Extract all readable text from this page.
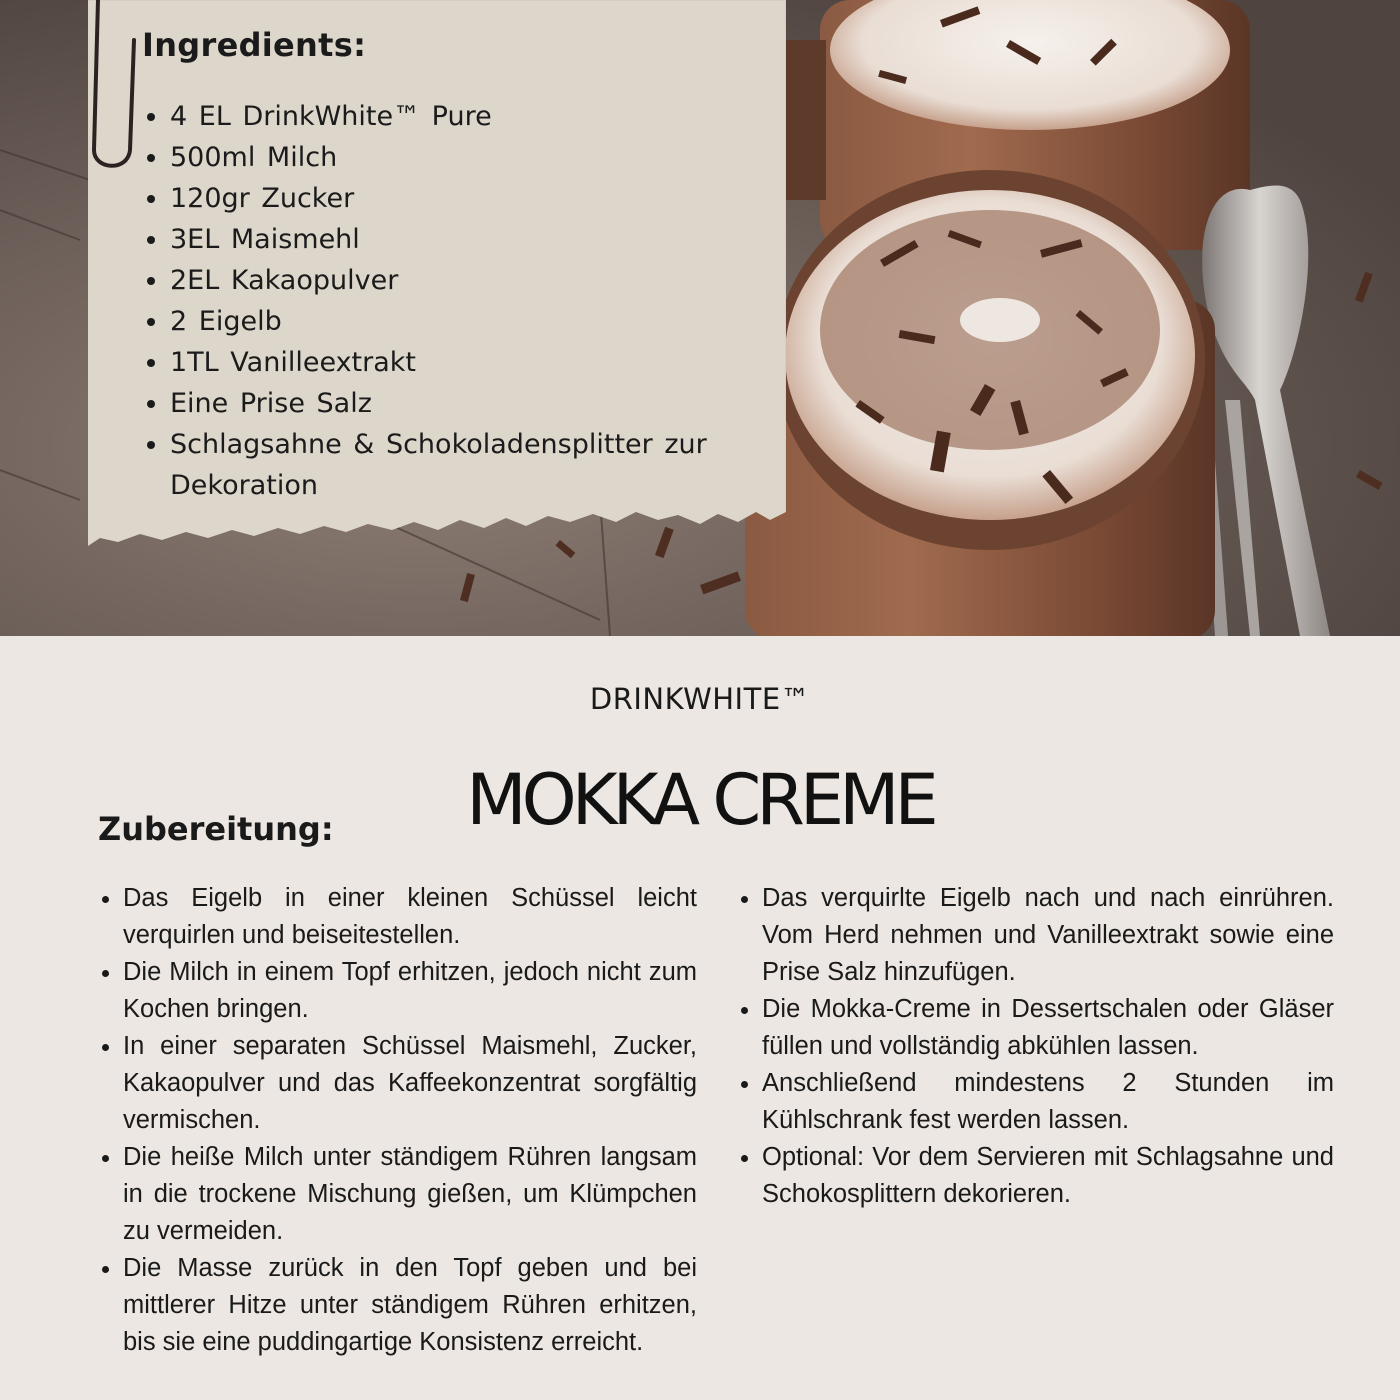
Ingredients:
• 4 EL DrinkWhite™ Pure
• 500ml Milch
• 120gr Zucker
• 3EL Maismehl
• 2EL Kakaopulver
• 2 Eigelb
• 1TL Vanilleextrakt
• Eine Prise Salz
• Schlagsahne & Schokoladensplitter zur Dekoration
DRINKWHITE™
MOKKA CREME
Zubereitung:
• Das Eigelb in einer kleinen Schüssel leicht verquirlen und beiseitestellen.
• Die Milch in einem Topf erhitzen, jedoch nicht zum Kochen bringen.
• In einer separaten Schüssel Maismehl, Zucker, Kakaopulver und das Kaffeekonzentrat sorgfältig vermischen.
• Die heiße Milch unter ständigem Rühren langsam in die trockene Mischung gießen, um Klümpchen zu vermeiden.
• Die Masse zurück in den Topf geben und bei mittlerer Hitze unter ständigem Rühren erhitzen, bis sie eine puddingartige Konsistenz erreicht.
• Das verquirlte Eigelb nach und nach einrühren. Vom Herd nehmen und Vanilleextrakt sowie eine Prise Salz hinzufügen.
• Die Mokka-Creme in Dessertschalen oder Gläser füllen und vollständig abkühlen lassen.
• Anschließend mindestens 2 Stunden im Kühlschrank fest werden lassen.
• Optional: Vor dem Servieren mit Schlagsahne und Schokosplittern dekorieren.
